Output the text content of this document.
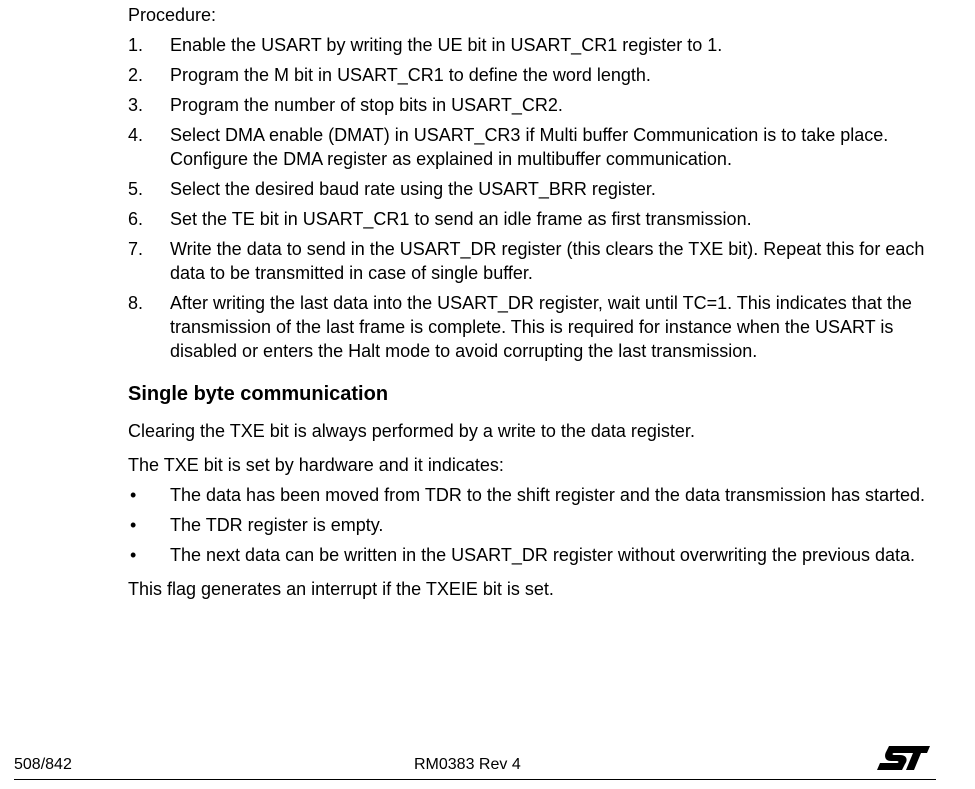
Procedure:

1.	Enable the USART by writing the UE bit in USART_CR1 register to 1.
2.	Program the M bit in USART_CR1 to define the word length.
3.	Program the number of stop bits in USART_CR2.
4.	Select DMA enable (DMAT) in USART_CR3 if Multi buffer Communication is to take place. Configure the DMA register as explained in multibuffer communication.
5.	Select the desired baud rate using the USART_BRR register.
6.	Set the TE bit in USART_CR1 to send an idle frame as first transmission.
7.	Write the data to send in the USART_DR register (this clears the TXE bit). Repeat this for each data to be transmitted in case of single buffer.
8.	After writing the last data into the USART_DR register, wait until TC=1. This indicates that the transmission of the last frame is complete. This is required for instance when the USART is disabled or enters the Halt mode to avoid corrupting the last transmission.
Single byte communication

Clearing the TXE bit is always performed by a write to the data register.

The TXE bit is set by hardware and it indicates:

• The data has been moved from TDR to the shift register and the data transmission has started.
• The TDR register is empty.
• The next data can be written in the USART_DR register without overwriting the previous data.

This flag generates an interrupt if the TXEIE bit is set.

508/842	RM0383 Rev 4
